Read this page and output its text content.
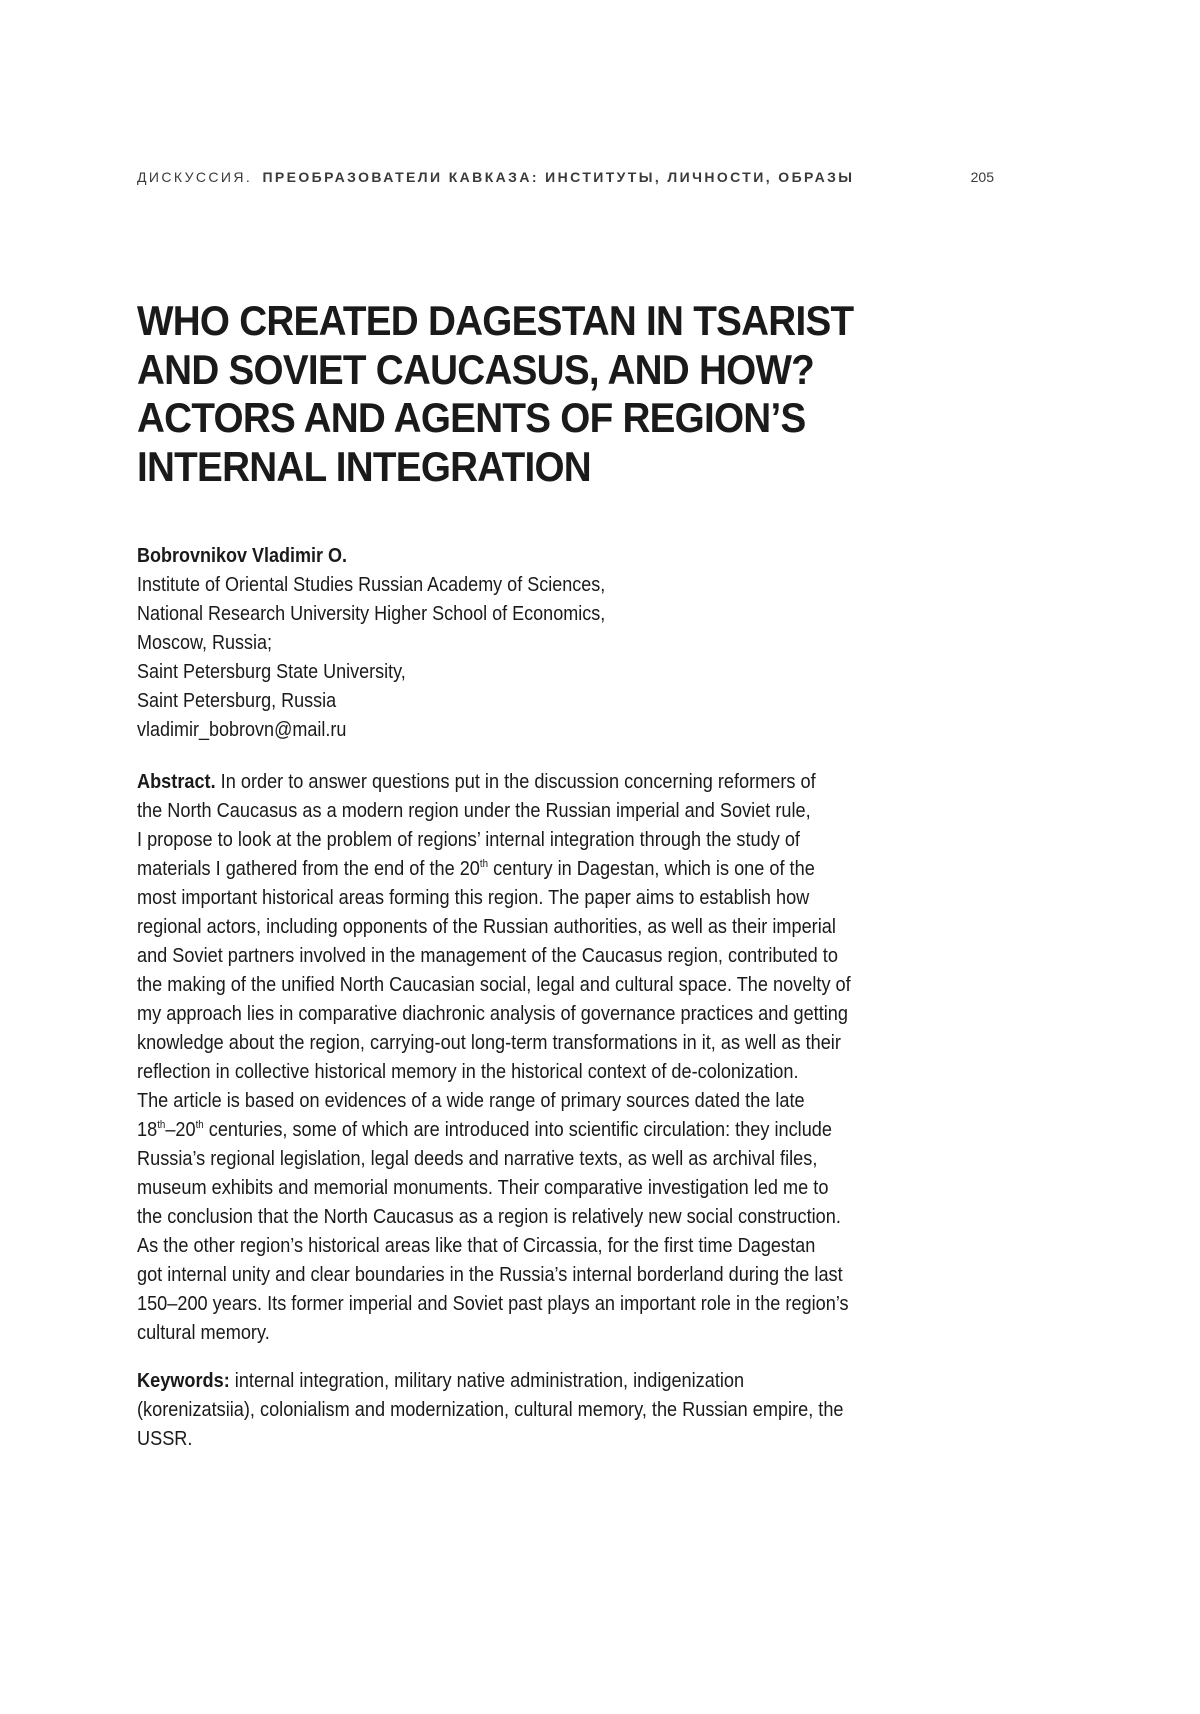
ДИСКУССИЯ. ПРЕОБРАЗОВАТЕЛИ КАВКАЗА: ИНСТИТУТЫ, ЛИЧНОСТИ, ОБРАЗЫ	205
WHO CREATED DAGESTAN IN TSARIST
AND SOVIET CAUCASUS, AND HOW?
ACTORS AND AGENTS OF REGION’S
INTERNAL INTEGRATION
Bobrovnikov Vladimir O.
Institute of Oriental Studies Russian Academy of Sciences,
National Research University Higher School of Economics,
Moscow, Russia;
Saint Petersburg State University,
Saint Petersburg, Russia
vladimir_bobrovn@mail.ru
Abstract. In order to answer questions put in the discussion concerning reformers of
the North Caucasus as a modern region under the Russian imperial and Soviet rule,
I propose to look at the problem of regions’ internal integration through the study of
materials I gathered from the end of the 20th century in Dagestan, which is one of the
most important historical areas forming this region. The paper aims to establish how
regional actors, including opponents of the Russian authorities, as well as their imperial
and Soviet partners involved in the management of the Caucasus region, contributed to
the making of the unified North Caucasian social, legal and cultural space. The novelty of
my approach lies in comparative diachronic analysis of governance practices and getting
knowledge about the region, carrying-out long-term transformations in it, as well as their
reflection in collective historical memory in the historical context of de-colonization.
The article is based on evidences of a wide range of primary sources dated the late
18th–20th centuries, some of which are introduced into scientific circulation: they include
Russia’s regional legislation, legal deeds and narrative texts, as well as archival files,
museum exhibits and memorial monuments. Their comparative investigation led me to
the conclusion that the North Caucasus as a region is relatively new social construction.
As the other region’s historical areas like that of Circassia, for the first time Dagestan
got internal unity and clear boundaries in the Russia’s internal borderland during the last
150–200 years. Its former imperial and Soviet past plays an important role in the region’s
cultural memory.
Keywords: internal integration, military native administration, indigenization
(korenizatsiia), colonialism and modernization, cultural memory, the Russian empire, the
USSR.
